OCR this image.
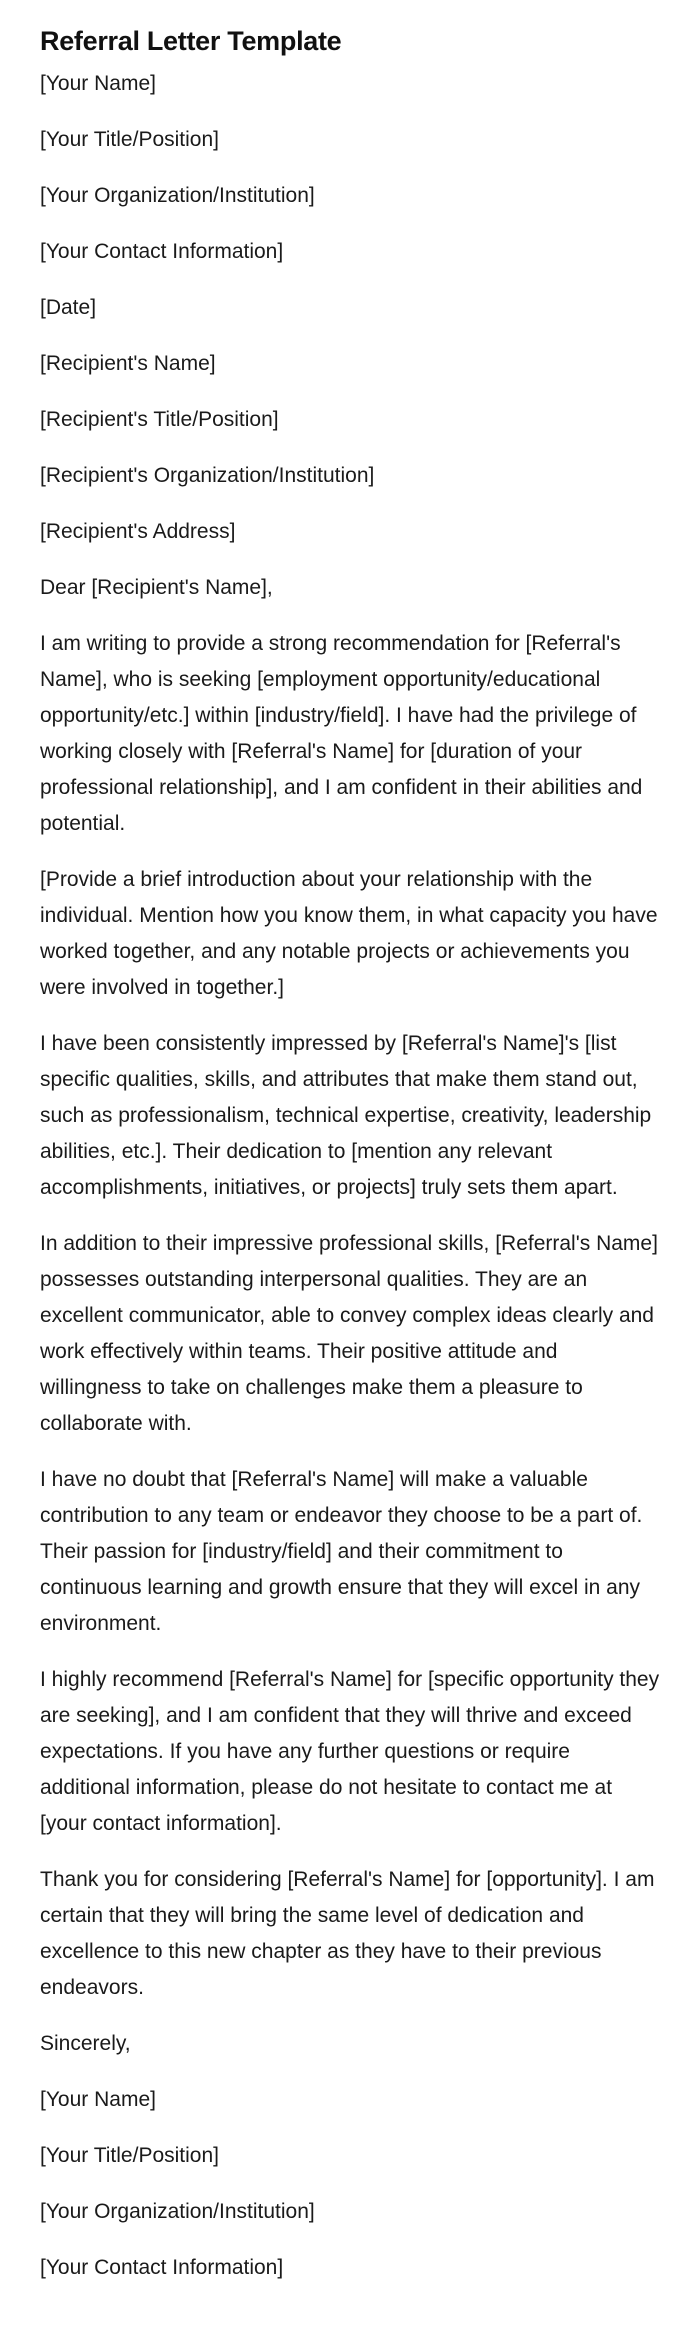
Referral Letter Template
[Your Name]
[Your Title/Position]
[Your Organization/Institution]
[Your Contact Information]
[Date]
[Recipient's Name]
[Recipient's Title/Position]
[Recipient's Organization/Institution]
[Recipient's Address]
Dear [Recipient's Name],
I am writing to provide a strong recommendation for [Referral's Name], who is seeking [employment opportunity/educational opportunity/etc.] within [industry/field]. I have had the privilege of working closely with [Referral's Name] for [duration of your professional relationship], and I am confident in their abilities and potential.
[Provide a brief introduction about your relationship with the individual. Mention how you know them, in what capacity you have worked together, and any notable projects or achievements you were involved in together.]
I have been consistently impressed by [Referral's Name]'s [list specific qualities, skills, and attributes that make them stand out, such as professionalism, technical expertise, creativity, leadership abilities, etc.]. Their dedication to [mention any relevant accomplishments, initiatives, or projects] truly sets them apart.
In addition to their impressive professional skills, [Referral's Name] possesses outstanding interpersonal qualities. They are an excellent communicator, able to convey complex ideas clearly and work effectively within teams. Their positive attitude and willingness to take on challenges make them a pleasure to collaborate with.
I have no doubt that [Referral's Name] will make a valuable contribution to any team or endeavor they choose to be a part of. Their passion for [industry/field] and their commitment to continuous learning and growth ensure that they will excel in any environment.
I highly recommend [Referral's Name] for [specific opportunity they are seeking], and I am confident that they will thrive and exceed expectations. If you have any further questions or require additional information, please do not hesitate to contact me at [your contact information].
Thank you for considering [Referral's Name] for [opportunity]. I am certain that they will bring the same level of dedication and excellence to this new chapter as they have to their previous endeavors.
Sincerely,
[Your Name]
[Your Title/Position]
[Your Organization/Institution]
[Your Contact Information]
